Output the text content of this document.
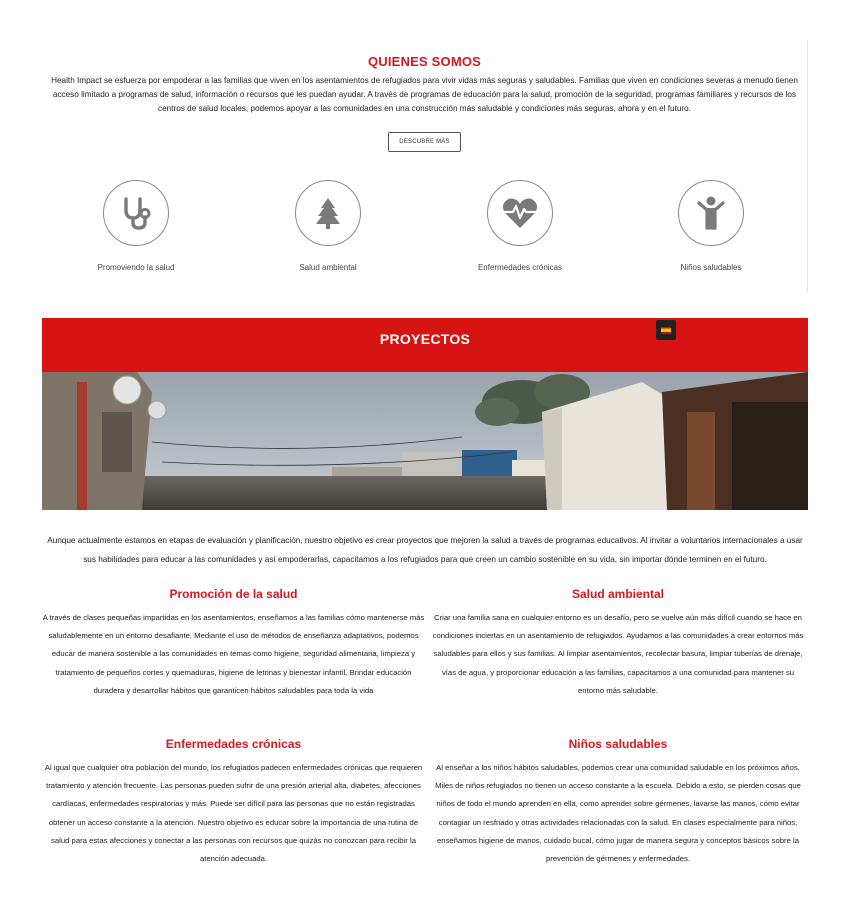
QUIENES SOMOS

Health Impact se esfuerza por empoderar a las familias que viven en los asentamientos de refugiados para vivir vidas más seguras y saludables. Familias que viven en condiciones severas a menudo tienen acceso limitado a programas de salud, información o recursos que les puedan ayudar. A través de programas de educación para la salud, promoción de la seguridad, programas familiares y recursos de los centros de salud locales, podemos apoyar a las comunidades en una construcción más saludable y condiciones más seguras, ahora y en el futuro.

DESCUBRE MÁS
Promoviendo la salud	Salud ambiental	Enfermedades crónicas	Niños saludables
PROYECTOS

Aunque actualmente estamos en etapas de evaluación y planificación, nuestro objetivo es crear proyectos que mejoren la salud a través de programas educativos. Al invitar a voluntarios internacionales a usar sus habilidades para educar a las comunidades y así empoderarlas, capacitamos a los refugiados para que creen un cambio sostenible en su vida, sin importar dónde terminen en el futuro.

Promoción de la salud

A través de clases pequeñas impartidas en los asentamientos, enseñamos a las familias cómo mantenerse más saludablemente en un entorno desafiante. Mediante el uso de métodos de enseñanza adaptativos, podemos educar de manera sostenible a las comunidades en temas como higiene, seguridad alimentaria, limpieza y tratamiento de pequeños cortes y quemaduras, higiene de letrinas y bienestar infantil. Brindar educación duradera y desarrollar hábitos que garanticen hábitos saludables para toda la vida

Salud ambiental

Criar una familia sana en cualquier entorno es un desafío, pero se vuelve aún más difícil cuando se hace en condiciones inciertas en un asentamiento de refugiados. Ayudamos a las comunidades a crear entornos más saludables para ellos y sus familias. Al limpiar asentamientos, recolectar basura, limpiar tuberías de drenaje, vías de agua, y proporcionar educación a las familias, capacitamos a una comunidad para mantener su entorno más saludable.

Enfermedades crónicas

Al igual que cualquier otra población del mundo, los refugiados padecen enfermedades crónicas que requieren tratamiento y atención frecuente. Las personas pueden sufrir de una presión arterial alta, diabetes, afecciones cardíacas, enfermedades respiratorias y más. Puede ser difícil para las personas que no están registradas obtener un acceso constante a la atención. Nuestro objetivo es educar sobre la importancia de una rutina de salud para estas afecciones y conectar a las personas con recursos que quizás no conozcan para recibir la atención adecuada.

Niños saludables

Al enseñar a los niños hábitos saludables, podemos crear una comunidad saludable en los próximos años. Miles de niños refugiados no tienen un acceso constante a la escuela. Debido a esto, se pierden cosas que niños de todo el mundo aprenden en ella, como aprender sobre gérmenes, lavarse las manos, cómo evitar contagiar un resfriado y otras actividades relacionadas con la salud. En clases especialmente para niños, enseñamos higiene de manos, cuidado bucal, cómo jugar de manera segura y conceptos básicos sobre la prevención de gérmenes y enfermedades.
